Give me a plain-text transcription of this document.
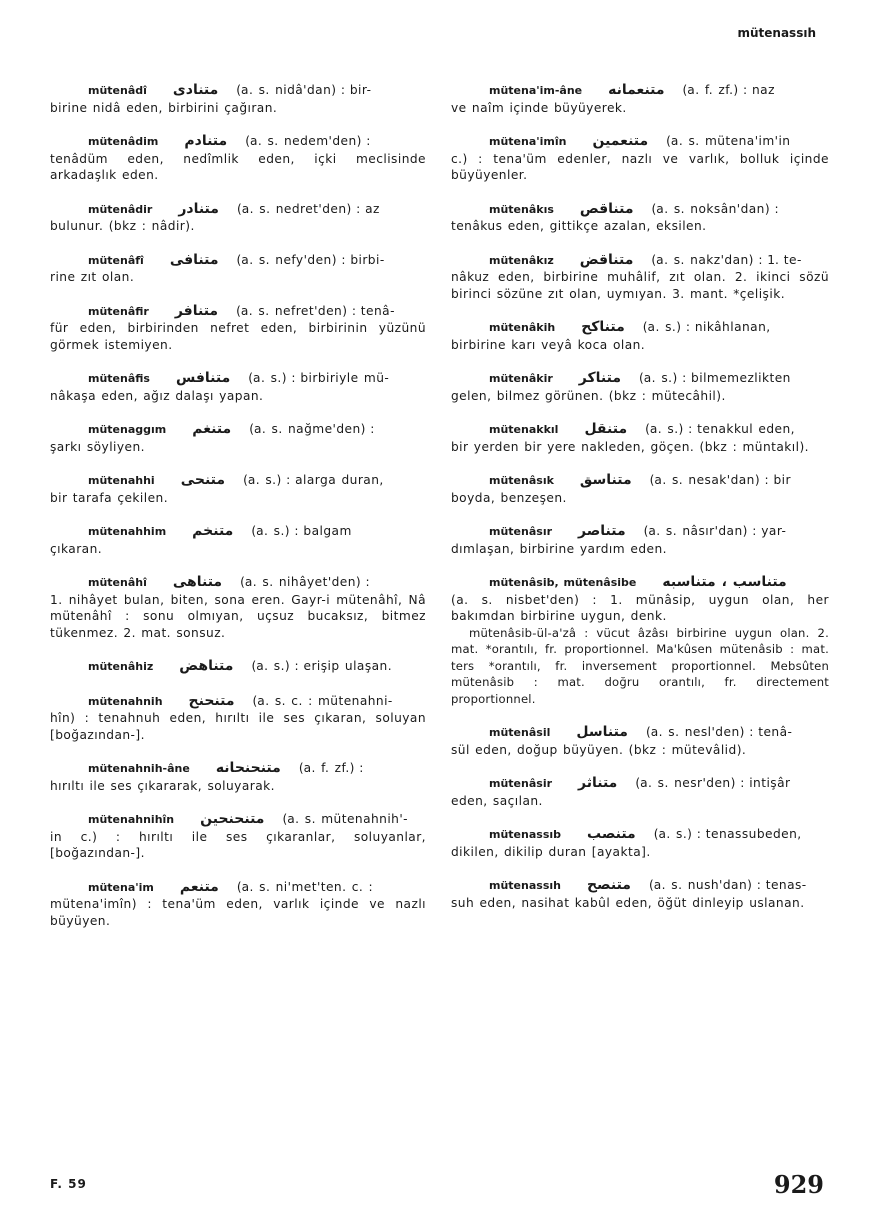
mütenassıh

mütenâdî متنادى (a. s. nidâ'dan) : bir-

birine nidâ eden, birbirini çağıran.

mütenâdim متنادم (a. s. nedem'den) :

tenâdüm eden, nedîmlik eden, içki meclisinde arkadaşlık eden.

mütenâdir متنادر (a. s. nedret'den) : az

bulunur. (bkz : nâdir).

mütenâfî متنافى (a. s. nefy'den) : birbi-

rine zıt olan.

mütenâfir متنافر (a. s. nefret'den) : tenâ-

für eden, birbirinden nefret eden, birbirinin yüzünü görmek istemiyen.

mütenâfis متنافس (a. s.) : birbiriyle mü-

nâkaşa eden, ağız dalaşı yapan.

mütenaggım متنغم (a. s. nağme'den) :

şarkı söyliyen.

mütenahhi متنحى (a. s.) : alarga duran,

bir tarafa çekilen.

mütenahhim متنخم (a. s.) : balgam

çıkaran.

mütenâhî متناهى (a. s. nihâyet'den) :

1. nihâyet bulan, biten, sona eren. Gayr-i mütenâhî, Nâ mütenâhî : sonu olmıyan, uçsuz bucaksız, bitmez tükenmez. 2. mat. sonsuz.

mütenâhiz متناهض (a. s.) : erişip ulaşan.

mütenahnih متنحنح (a. s. c. : mütenahni-

hîn) : tenahnuh eden, hırıltı ile ses çıkaran, soluyan [boğazından-].

mütenahnih-âne متنحنحانه (a. f. zf.) :

hırıltı ile ses çıkararak, soluyarak.

mütenahnihîn متنحنحين (a. s. mütenahnih'-

in c.) : hırıltı ile ses çıkaranlar, soluyanlar, [boğazından-].

mütena'im متنعم (a. s. ni'met'ten. c. :

mütena'imîn) : tena'üm eden, varlık içinde ve nazlı büyüyen.

mütena'im-âne متنعمانه (a. f. zf.) : naz

ve naîm içinde büyüyerek.

mütena'imîn متنعمين (a. s. mütena'im'in

c.) : tena'üm edenler, nazlı ve varlık, bolluk içinde büyüyenler.

mütenâkıs متناقص (a. s. noksân'dan) :

tenâkus eden, gittikçe azalan, eksilen.

mütenâkız متناقض (a. s. nakz'dan) : 1. te-

nâkuz eden, birbirine muhâlif, zıt olan. 2. ikinci sözü birinci sözüne zıt olan, uymıyan. 3. mant. *çelişik.

mütenâkih متناكح (a. s.) : nikâhlanan,

birbirine karı veyâ koca olan.

mütenâkir متناكر (a. s.) : bilmemezlikten

gelen, bilmez görünen. (bkz : mütecâhil).

mütenakkıl متنقل (a. s.) : tenakkul eden,

bir yerden bir yere nakleden, göçen. (bkz : müntakıl).

mütenâsık متناسق (a. s. nesak'dan) : bir

boyda, benzeşen.

mütenâsır متناصر (a. s. nâsır'dan) : yar-

dımlaşan, birbirine yardım eden.

mütenâsib, mütenâsibe متناسب ، متناسبه

(a. s. nisbet'den) : 1. münâsip, uygun olan, her bakımdan birbirine uygun, denk.

mütenâsib-ül-a'zâ : vücut âzâsı birbirine uygun olan. 2. mat. *orantılı, fr. proportionnel. Ma'kûsen mütenâsib : mat. ters *orantılı, fr. inversement proportionnel. Mebsûten mütenâsib : mat. doğru orantılı, fr. directement proportionnel.

mütenâsil متناسل (a. s. nesl'den) : tenâ-

sül eden, doğup büyüyen. (bkz : mütevâlid).

mütenâsir متناثر (a. s. nesr'den) : intişâr

eden, saçılan.

mütenassıb متنصب (a. s.) : tenassubeden,

dikilen, dikilip duran [ayakta].

mütenassıh متنصح (a. s. nush'dan) : tenas-

suh eden, nasihat kabûl eden, öğüt dinleyip uslanan.

F. 59	929
